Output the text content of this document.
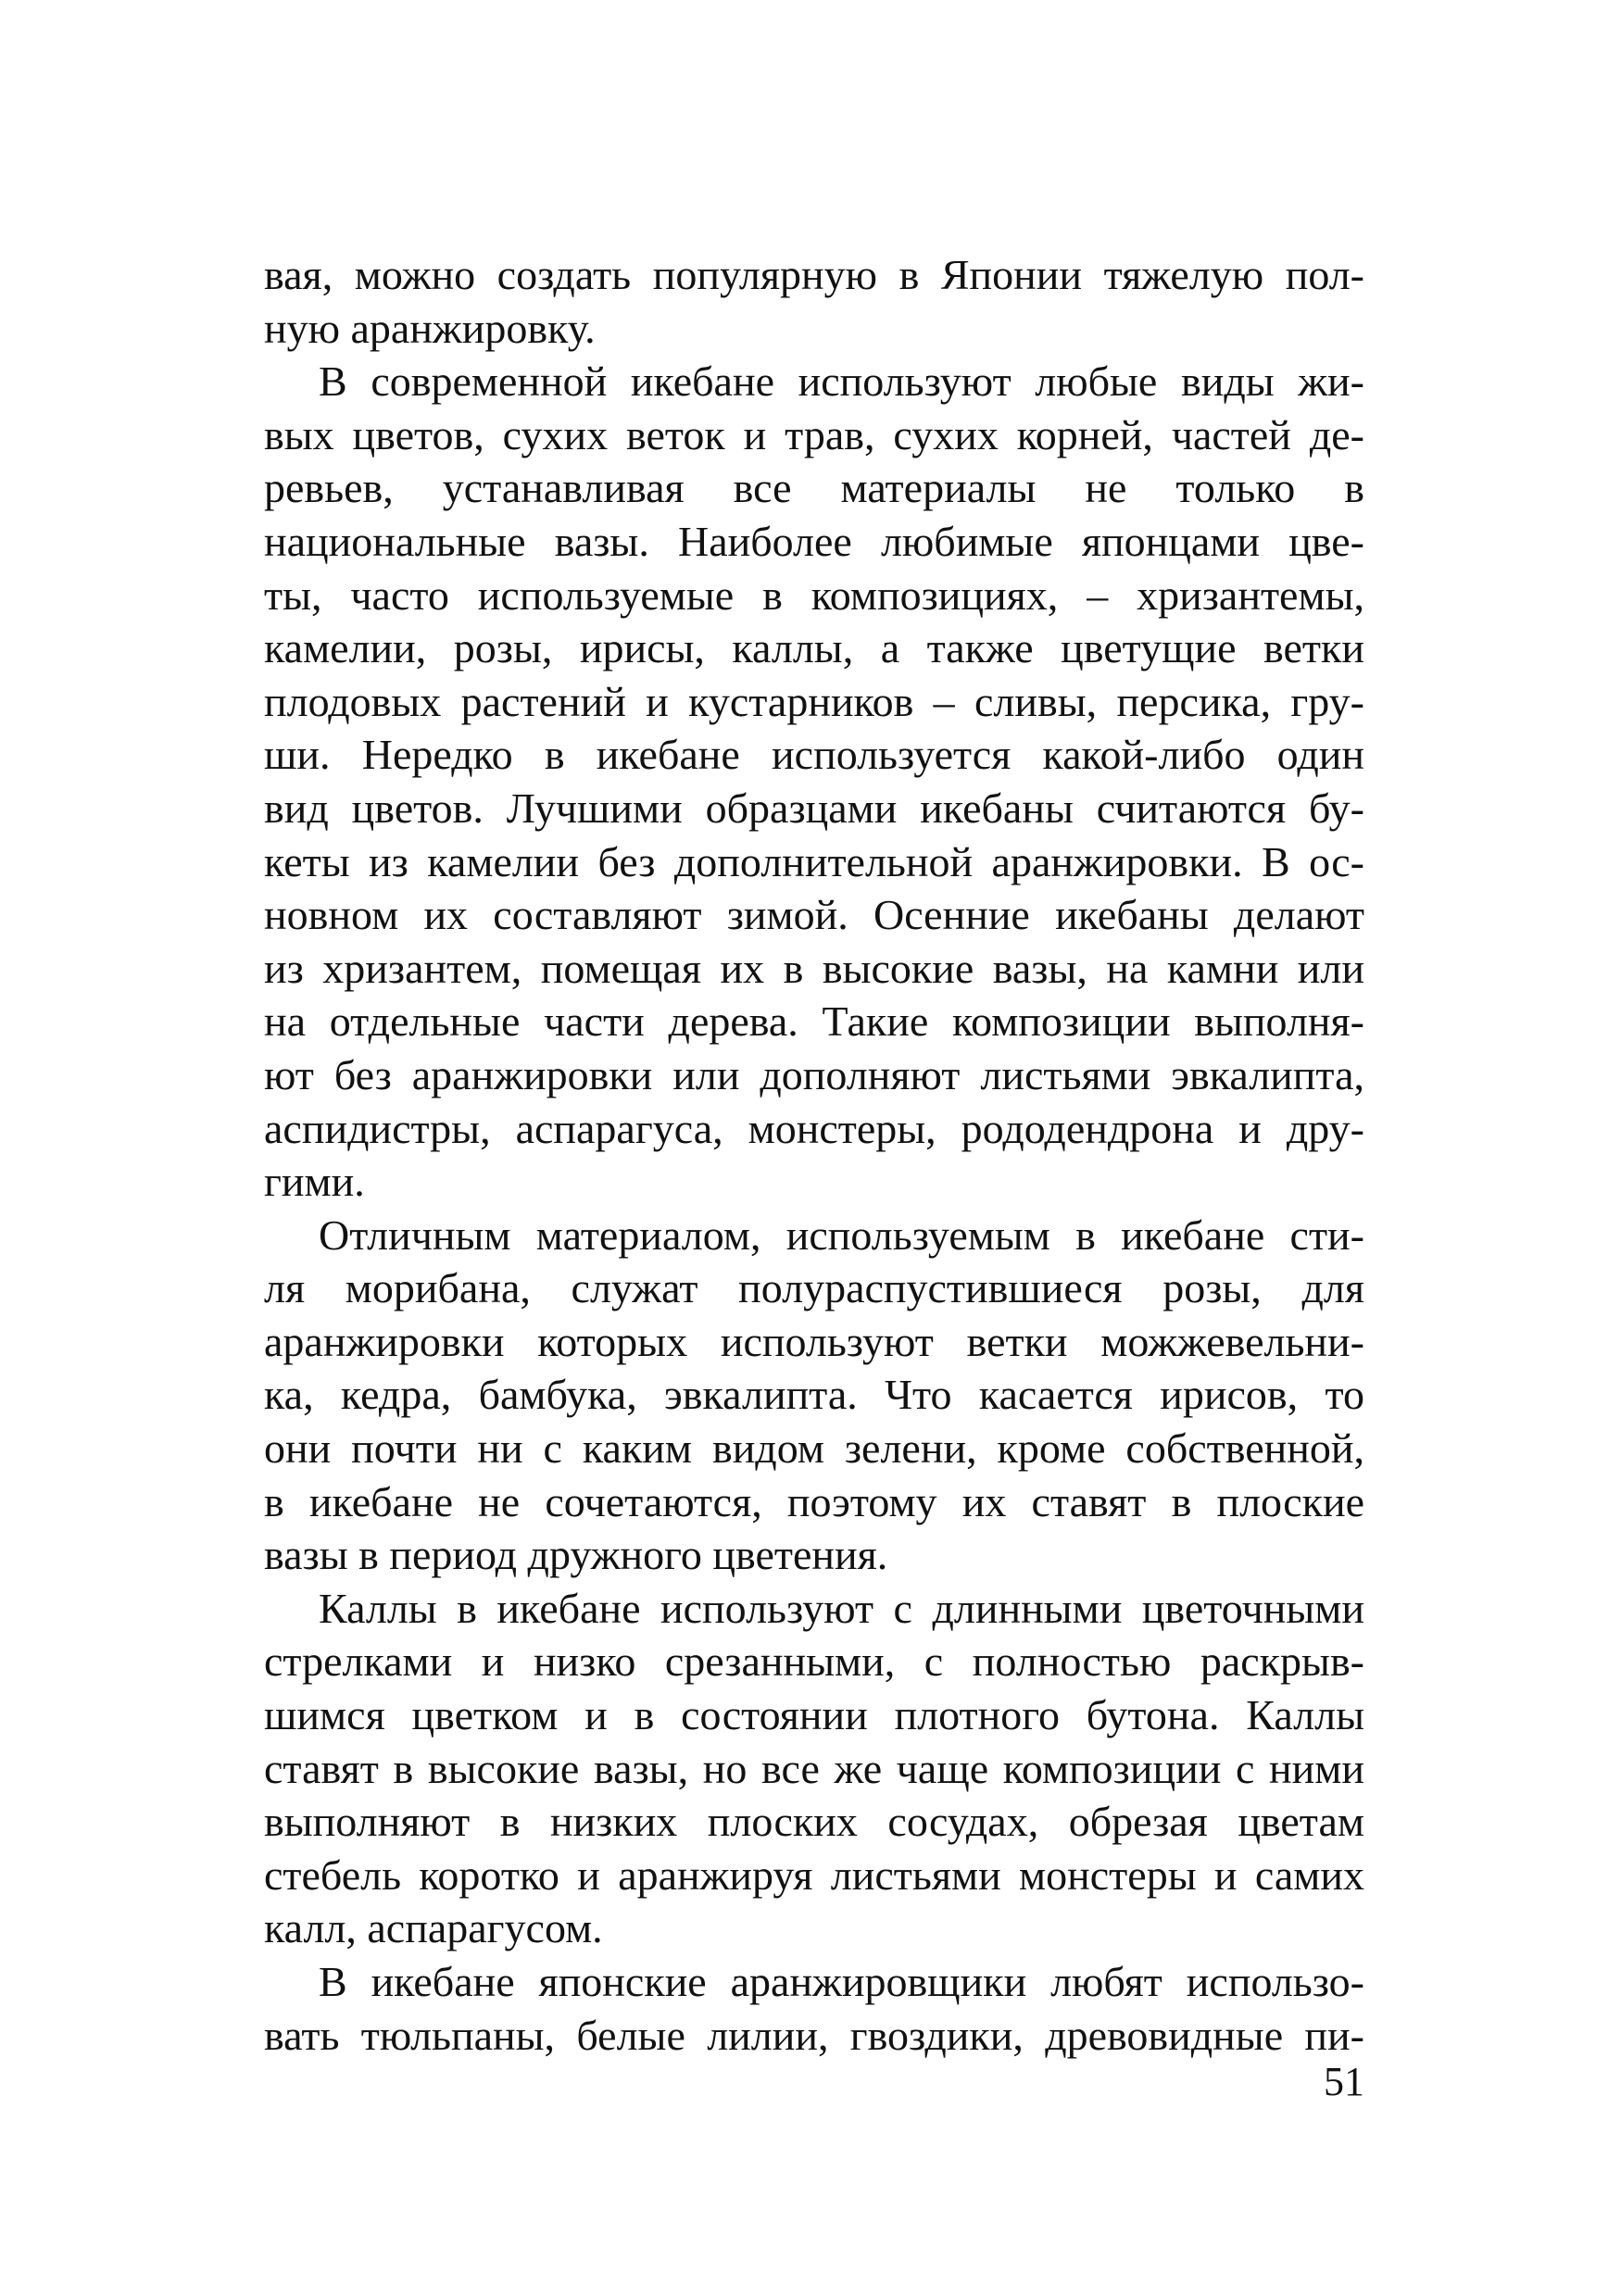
вая, можно создать популярную в Японии тяжелую пол-
ную аранжировку.
В современной икебане используют любые виды жи-
вых цветов, сухих веток и трав, сухих корней, частей де-
ревьев, устанавливая все материалы не только в
национальные вазы. Наиболее любимые японцами цве-
ты, часто используемые в композициях, – хризантемы,
камелии, розы, ирисы, каллы, а также цветущие ветки
плодовых растений и кустарников – сливы, персика, гру-
ши. Нередко в икебане используется какой-либо один
вид цветов. Лучшими образцами икебаны считаются бу-
кеты из камелии без дополнительной аранжировки. В ос-
новном их составляют зимой. Осенние икебаны делают
из хризантем, помещая их в высокие вазы, на камни или
на отдельные части дерева. Такие композиции выполня-
ют без аранжировки или дополняют листьями эвкалипта,
аспидистры, аспарагуса, монстеры, рододендрона и дру-
гими.
Отличным материалом, используемым в икебане сти-
ля морибана, служат полураспустившиеся розы, для
аранжировки которых используют ветки можжевельни-
ка, кедра, бамбука, эвкалипта. Что касается ирисов, то
они почти ни с каким видом зелени, кроме собственной,
в икебане не сочетаются, поэтому их ставят в плоские
вазы в период дружного цветения.
Каллы в икебане используют с длинными цветочными
стрелками и низко срезанными, с полностью раскрыв-
шимся цветком и в состоянии плотного бутона. Каллы
ставят в высокие вазы, но все же чаще композиции с ними
выполняют в низких плоских сосудах, обрезая цветам
стебель коротко и аранжируя листьями монстеры и самих
калл, аспарагусом.
В икебане японские аранжировщики любят использо-
вать тюльпаны, белые лилии, гвоздики, древовидные пи-
51
